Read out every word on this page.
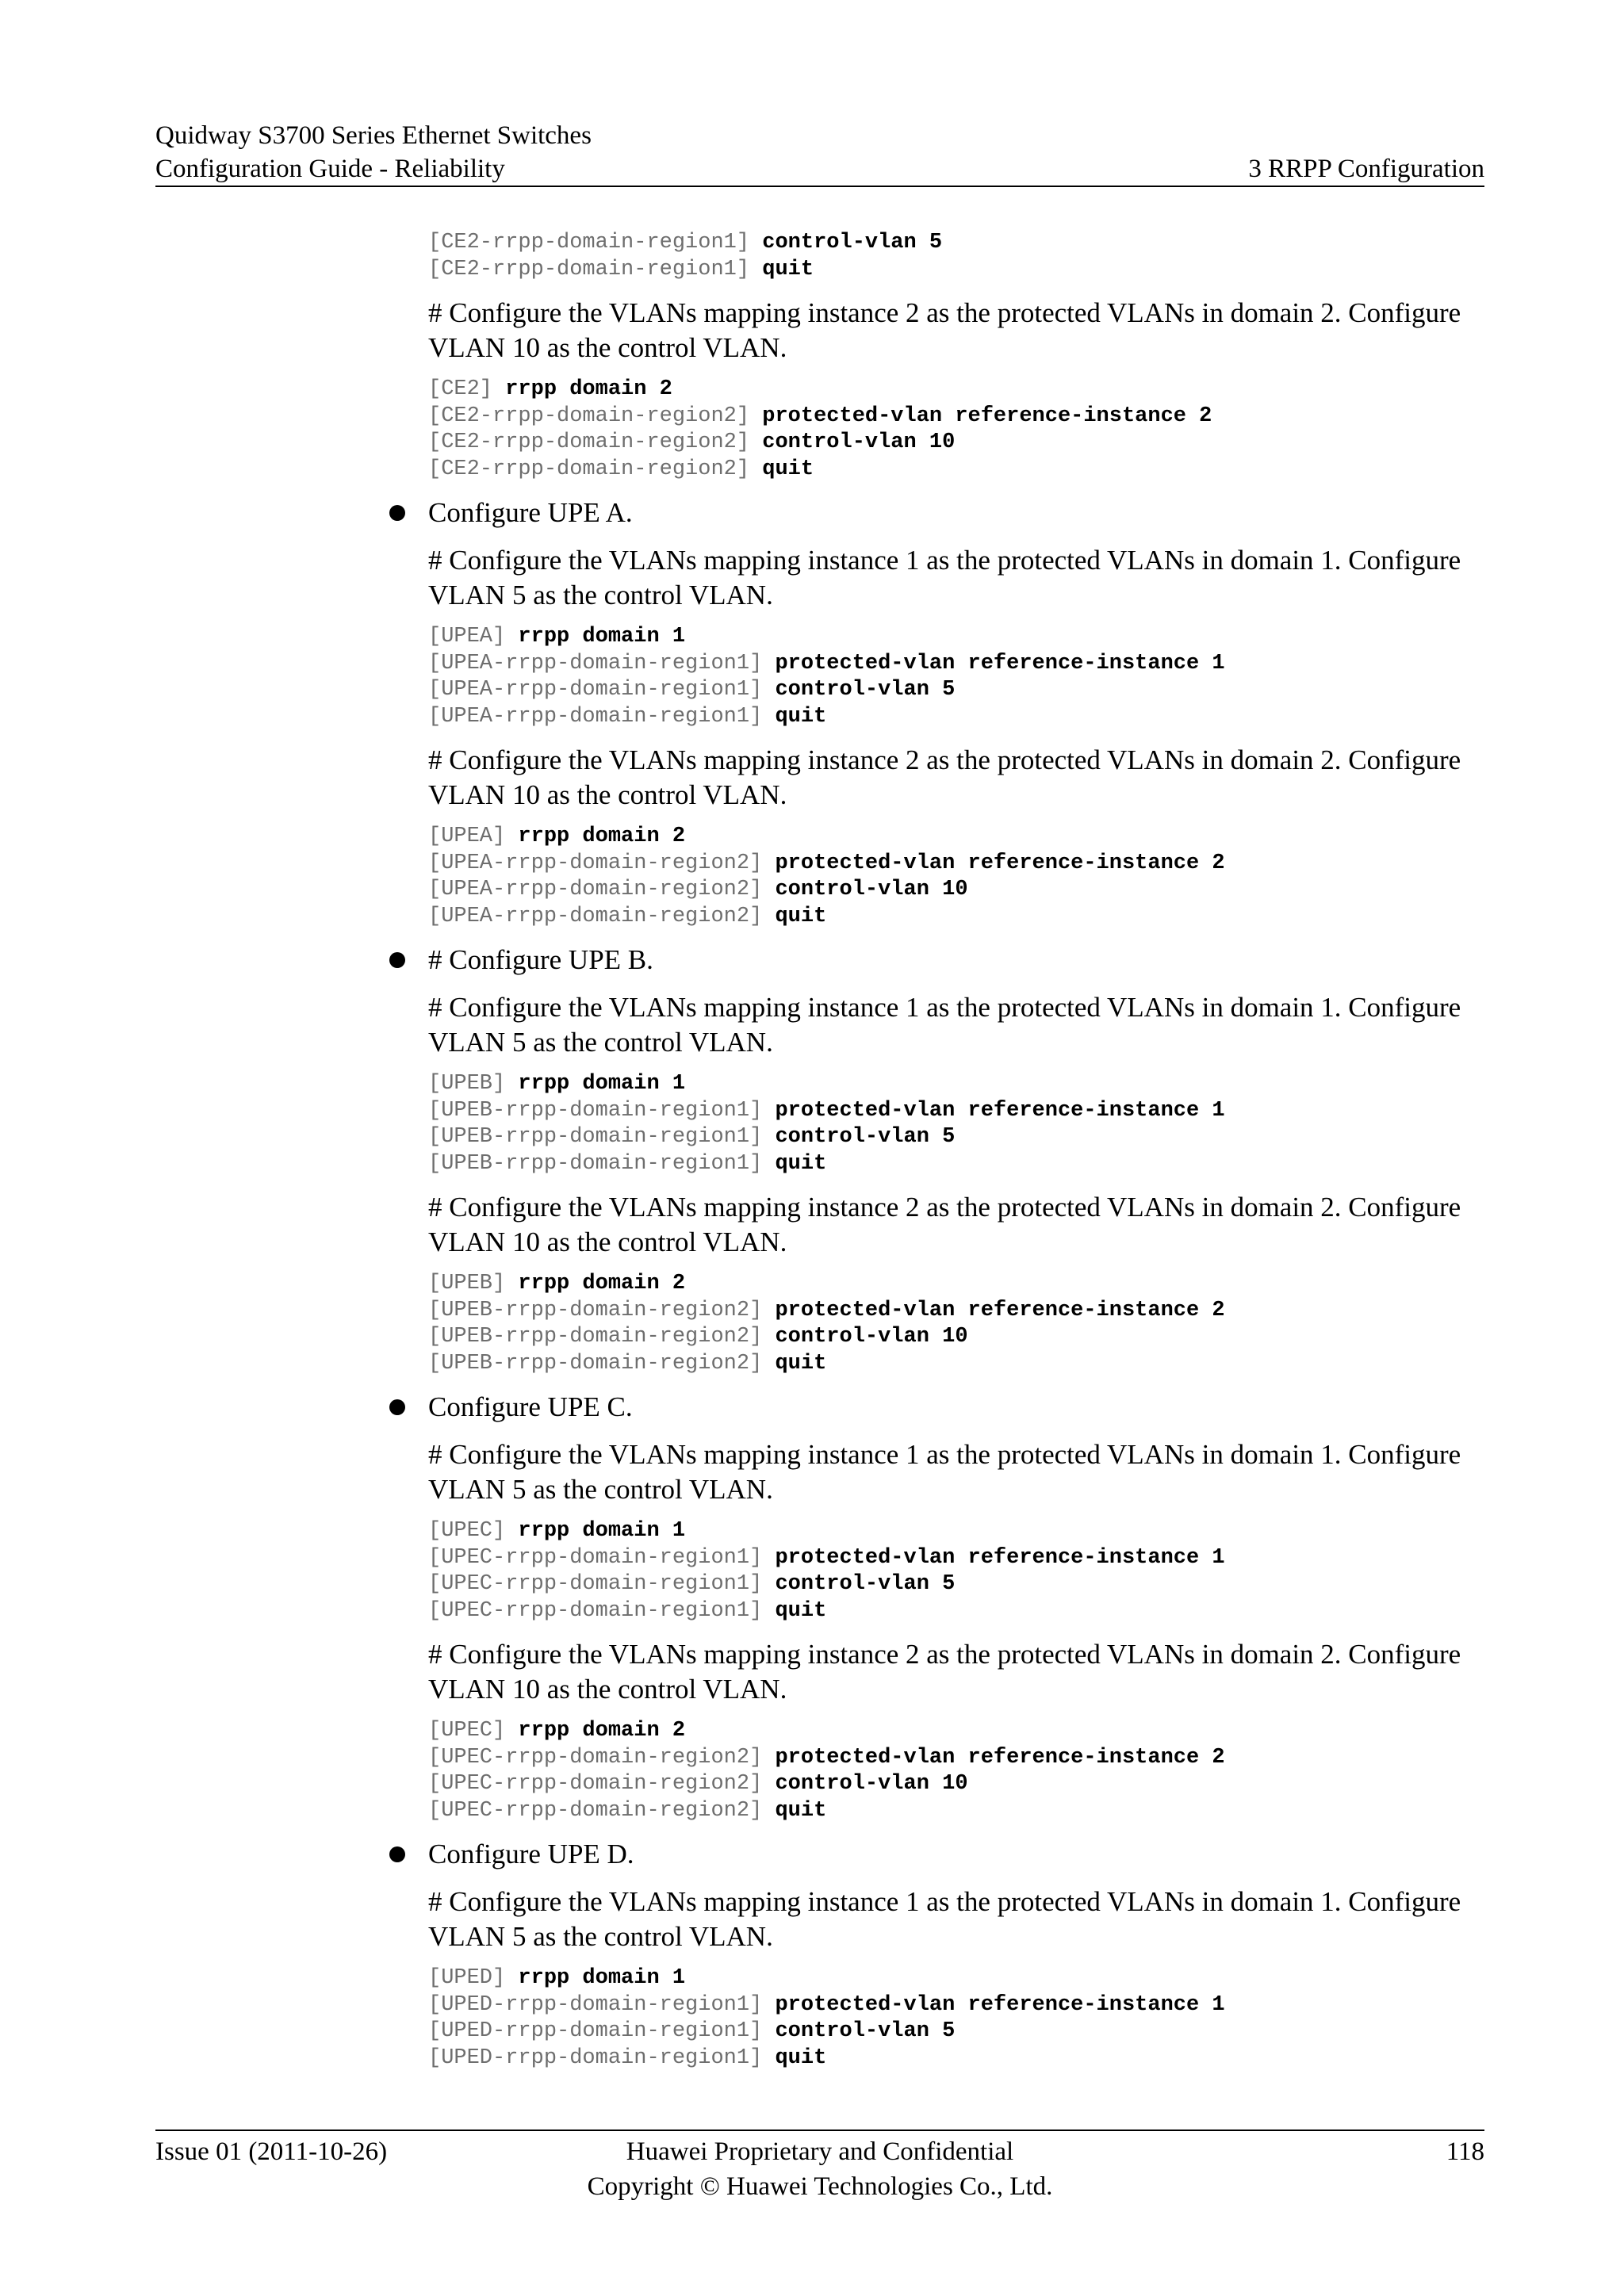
Quidway S3700 Series Ethernet Switches
Configuration Guide - Reliability	3 RRPP Configuration
[CE2-rrpp-domain-region1] control-vlan 5
[CE2-rrpp-domain-region1] quit
# Configure the VLANs mapping instance 2 as the protected VLANs in domain 2. Configure VLAN 10 as the control VLAN.
[CE2] rrpp domain 2
[CE2-rrpp-domain-region2] protected-vlan reference-instance 2
[CE2-rrpp-domain-region2] control-vlan 10
[CE2-rrpp-domain-region2] quit
Configure UPE A.
# Configure the VLANs mapping instance 1 as the protected VLANs in domain 1. Configure VLAN 5 as the control VLAN.
[UPEA] rrpp domain 1
[UPEA-rrpp-domain-region1] protected-vlan reference-instance 1
[UPEA-rrpp-domain-region1] control-vlan 5
[UPEA-rrpp-domain-region1] quit
# Configure the VLANs mapping instance 2 as the protected VLANs in domain 2. Configure VLAN 10 as the control VLAN.
[UPEA] rrpp domain 2
[UPEA-rrpp-domain-region2] protected-vlan reference-instance 2
[UPEA-rrpp-domain-region2] control-vlan 10
[UPEA-rrpp-domain-region2] quit
# Configure UPE B.
# Configure the VLANs mapping instance 1 as the protected VLANs in domain 1. Configure VLAN 5 as the control VLAN.
[UPEB] rrpp domain 1
[UPEB-rrpp-domain-region1] protected-vlan reference-instance 1
[UPEB-rrpp-domain-region1] control-vlan 5
[UPEB-rrpp-domain-region1] quit
# Configure the VLANs mapping instance 2 as the protected VLANs in domain 2. Configure VLAN 10 as the control VLAN.
[UPEB] rrpp domain 2
[UPEB-rrpp-domain-region2] protected-vlan reference-instance 2
[UPEB-rrpp-domain-region2] control-vlan 10
[UPEB-rrpp-domain-region2] quit
Configure UPE C.
# Configure the VLANs mapping instance 1 as the protected VLANs in domain 1. Configure VLAN 5 as the control VLAN.
[UPEC] rrpp domain 1
[UPEC-rrpp-domain-region1] protected-vlan reference-instance 1
[UPEC-rrpp-domain-region1] control-vlan 5
[UPEC-rrpp-domain-region1] quit
# Configure the VLANs mapping instance 2 as the protected VLANs in domain 2. Configure VLAN 10 as the control VLAN.
[UPEC] rrpp domain 2
[UPEC-rrpp-domain-region2] protected-vlan reference-instance 2
[UPEC-rrpp-domain-region2] control-vlan 10
[UPEC-rrpp-domain-region2] quit
Configure UPE D.
# Configure the VLANs mapping instance 1 as the protected VLANs in domain 1. Configure VLAN 5 as the control VLAN.
[UPED] rrpp domain 1
[UPED-rrpp-domain-region1] protected-vlan reference-instance 1
[UPED-rrpp-domain-region1] control-vlan 5
[UPED-rrpp-domain-region1] quit
Issue 01 (2011-10-26)	Huawei Proprietary and Confidential
Copyright © Huawei Technologies Co., Ltd.
118
